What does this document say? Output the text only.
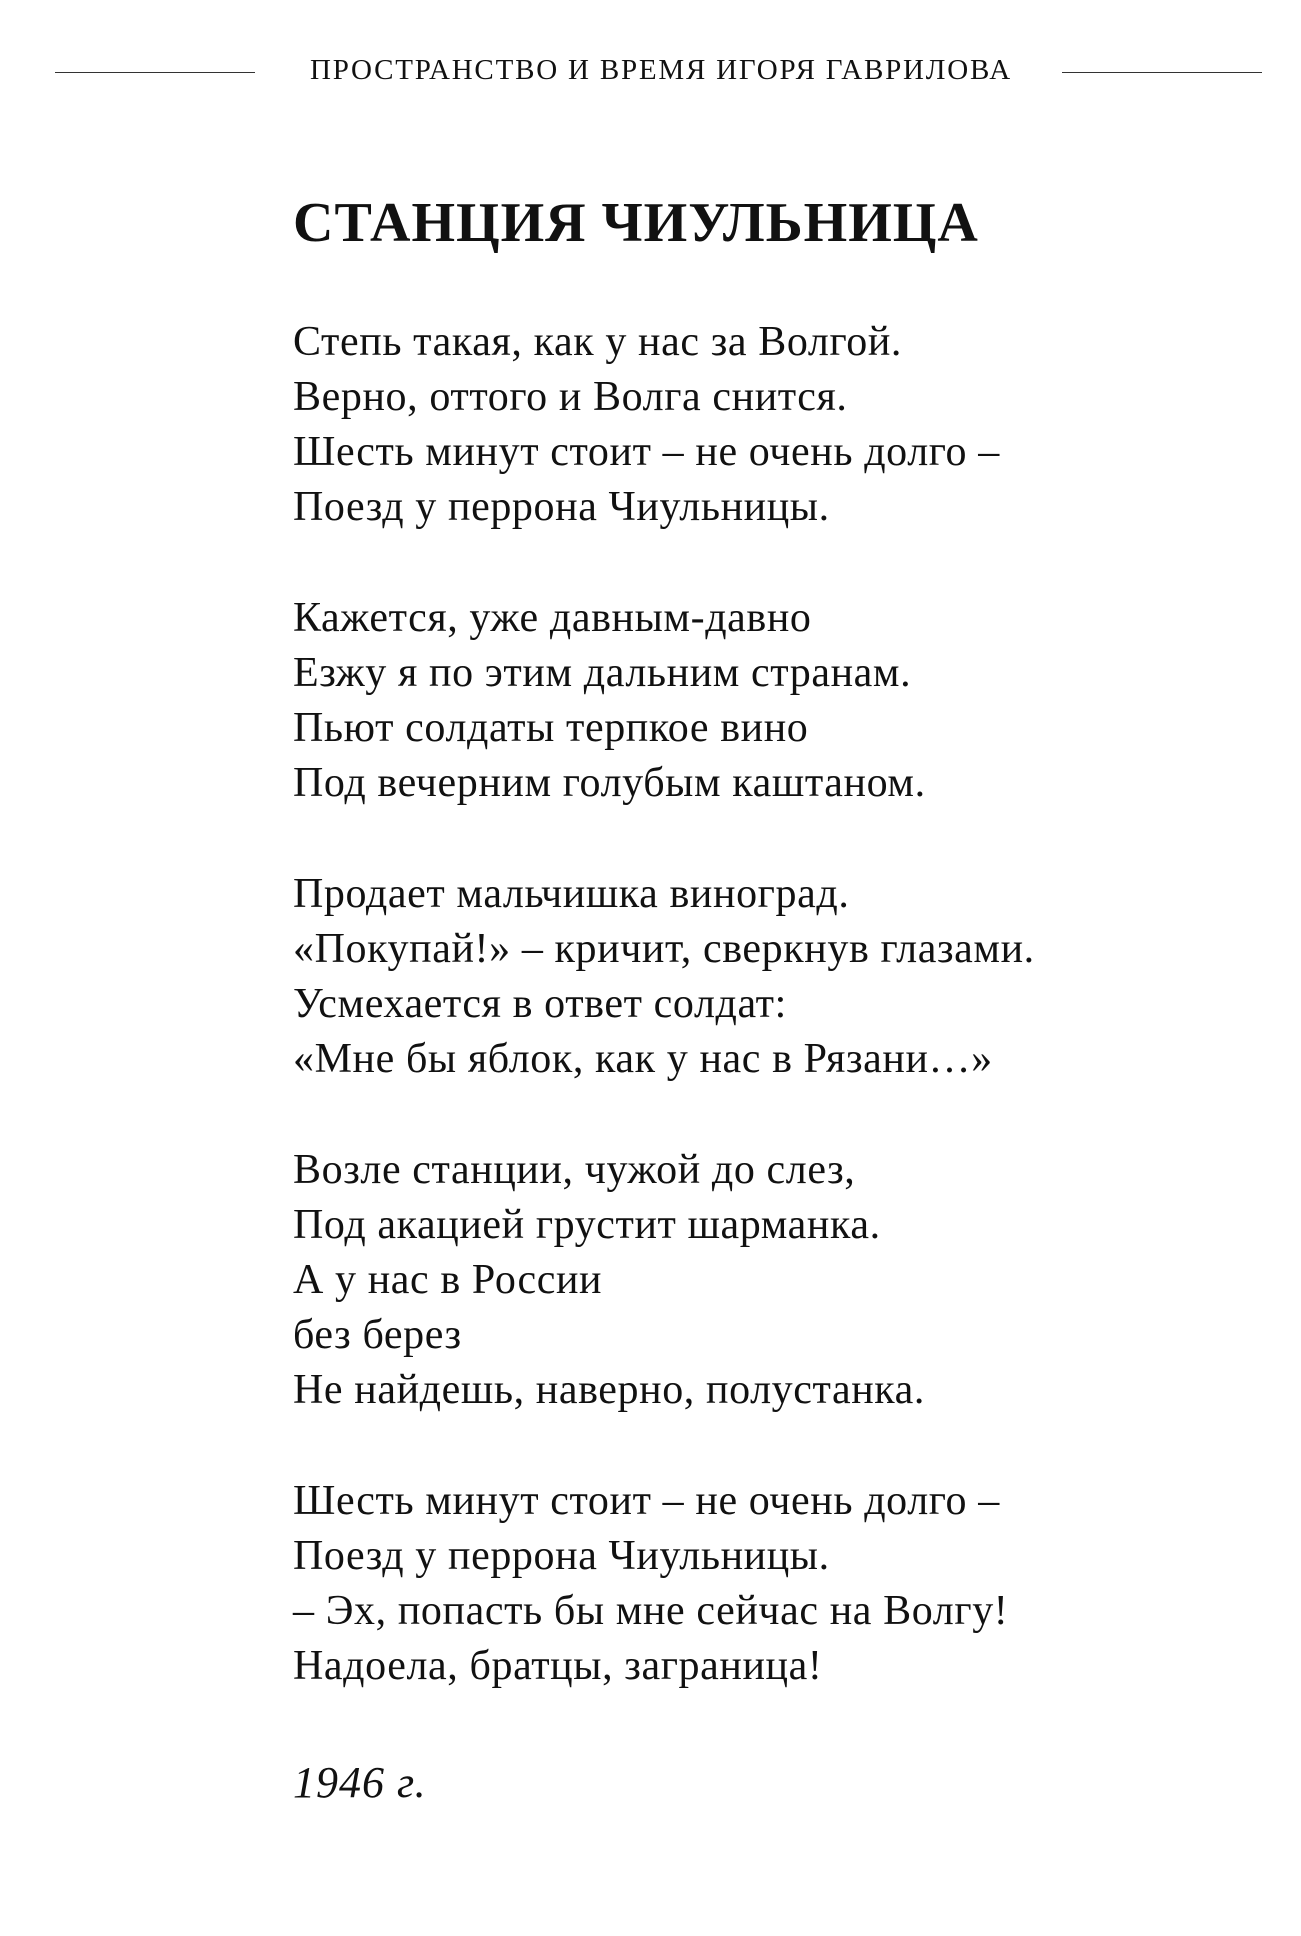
ПРОСТРАНСТВО И ВРЕМЯ ИГОРЯ ГАВРИЛОВА
СТАНЦИЯ ЧИУЛЬНИЦА
Степь такая, как у нас за Волгой.
Верно, оттого и Волга снится.
Шесть минут стоит – не очень долго –
Поезд у перрона Чиульницы.
Кажется, уже давным-давно
Езжу я по этим дальним странам.
Пьют солдаты терпкое вино
Под вечерним голубым каштаном.
Продает мальчишка виноград.
«Покупай!» – кричит, сверкнув глазами.
Усмехается в ответ солдат:
«Мне бы яблок, как у нас в Рязани…»
Возле станции, чужой до слез,
Под акацией грустит шарманка.
А у нас в России
без берез
Не найдешь, наверно, полустанка.
Шесть минут стоит – не очень долго –
Поезд у перрона Чиульницы.
– Эх, попасть бы мне сейчас на Волгу!
Надоела, братцы, заграница!
1946 г.
